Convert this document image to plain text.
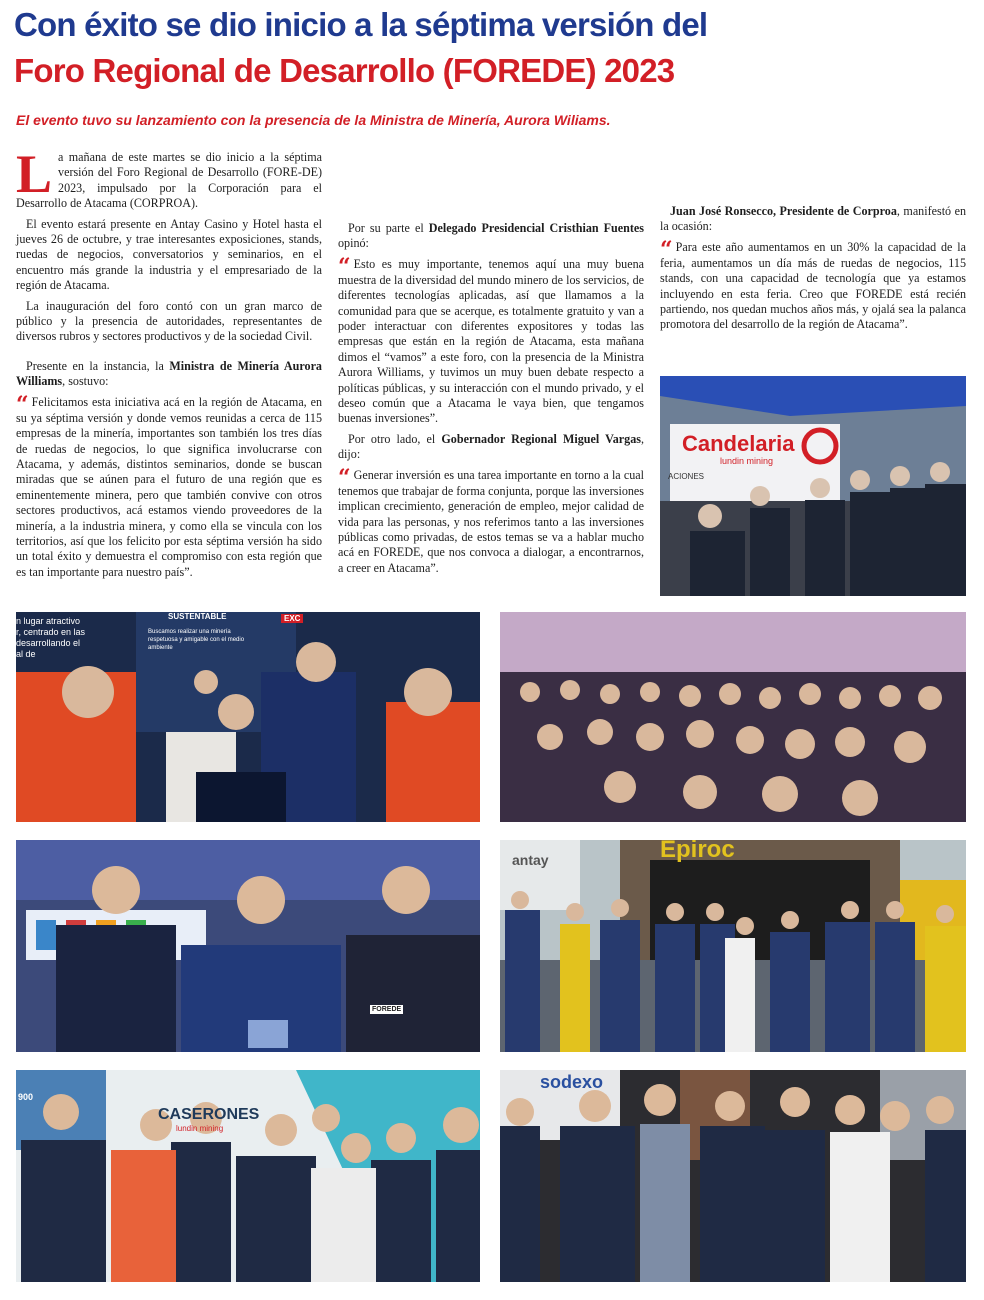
Con éxito se dio inicio a la séptima versión del
Foro Regional de Desarrollo (FOREDE) 2023

El evento tuvo su lanzamiento con la presencia de la Ministra de Minería, Aurora Wiliams.

La mañana de este martes se dio inicio a la séptima versión del Foro Regional de Desarrollo (FORE-DE) 2023, impulsado por la Corporación para el Desarrollo de Atacama (CORPROA).

El evento estará presente en Antay Casino y Hotel hasta el jueves 26 de octubre, y trae interesantes exposiciones, stands, ruedas de negocios, conversatorios y seminarios, en el encuentro más grande la industria y el empresariado de la región de Atacama.

La inauguración del foro contó con un gran marco de público y la presencia de autoridades, representantes de diversos rubros y sectores productivos y de la sociedad Civil.

Presente en la instancia, la Ministra de Minería Aurora Williams, sostuvo:

“ Felicitamos esta iniciativa acá en la región de Atacama, en su ya séptima versión y donde vemos reunidas a cerca de 115 empresas de la minería, importantes son también los tres días de ruedas de negocios, lo que significa involucrarse con Atacama, y además, distintos seminarios, donde se buscan miradas que se aúnen para el futuro de una región que es eminentemente minera, pero que también convive con otros sectores productivos, acá estamos viendo proveedores de la minería, a la industria minera, y como ella se vincula con los territorios, así que los felicito por esta séptima versión ha sido un total éxito y demuestra el compromiso con esta región que es tan importante para nuestro país”.

Candelaria
lundin mining
ACIONES
n lugar atractivo
r, centrado en las
desarrollando el
al de
SUSTENTABLE
Buscamos realizar una minería respetuosa y amigable con el medio ambiente
EXC
FOREDE
antay	Epiroc
CASERONES
lundin mining
900
sodexo

Por su parte el Delegado Presidencial Cristhian Fuentes opinó:

“ Esto es muy importante, tenemos aquí una muy buena muestra de la diversidad del mundo minero de los servicios, de diferentes tecnologías aplicadas, así que llamamos a la comunidad para que se acerque, es totalmente gratuito y van a poder interactuar con diferentes expositores y todas las empresas que están en la región de Atacama, esta mañana dimos el “vamos” a este foro, con la presencia de la Ministra Aurora Williams, y tuvimos un muy buen debate respecto a políticas públicas, y su interacción con el mundo privado, y el deseo común que a Atacama le vaya bien, que tengamos buenas inversiones”.

Por otro lado, el Gobernador Regional Miguel Vargas, dijo:

“ Generar inversión es una tarea importante en torno a la cual tenemos que trabajar de forma conjunta, porque las inversiones implican crecimiento, generación de empleo, mejor calidad de vida para las personas, y nos referimos tanto a las inversiones públicas como privadas, de estos temas se va a hablar mucho acá en FOREDE, que nos convoca a dialogar, a encontrarnos, a creer en Atacama”.

Juan José Ronsecco, Presidente de Corproa, manifestó en la ocasión:

“ Para este año aumentamos en un 30% la capacidad de la feria, aumentamos un día más de ruedas de negocios, 115 stands, con una capacidad de tecnología que ya estamos incluyendo en esta feria. Creo que FOREDE está recién partiendo, nos quedan muchos años más, y ojalá sea la palanca promotora del desarrollo de la región de Atacama”.
